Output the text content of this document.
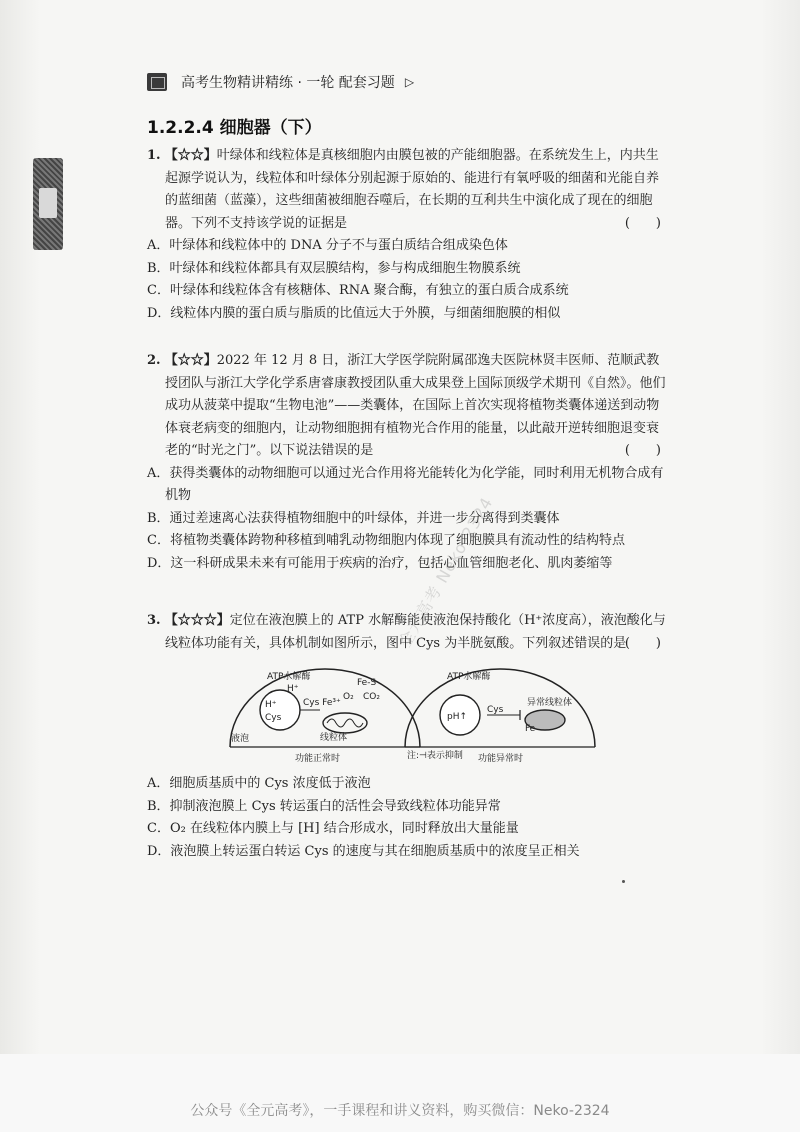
高考生物精讲精练 · 一轮 配套习题 ▷
1.2.2.4 细胞器（下）

1. 【☆☆】叶绿体和线粒体是真核细胞内由膜包被的产能细胞器。在系统发生上，内共生起源学说认为，线粒体和叶绿体分别起源于原始的、能进行有氧呼吸的细菌和光能自养的蓝细菌（蓝藻），这些细菌被细胞吞噬后，在长期的互利共生中演化成了现在的细胞器。下列不支持该学说的证据是	(　　)

A．叶绿体和线粒体中的 DNA 分子不与蛋白质结合组成染色体

B．叶绿体和线粒体都具有双层膜结构，参与构成细胞生物膜系统

C．叶绿体和线粒体含有核糖体、RNA 聚合酶，有独立的蛋白质合成系统

D．线粒体内膜的蛋白质与脂质的比值远大于外膜，与细菌细胞膜的相似

2. 【☆☆】2022 年 12 月 8 日，浙江大学医学院附属邵逸夫医院林贤丰医师、范顺武教授团队与浙江大学化学系唐睿康教授团队重大成果登上国际顶级学术期刊《自然》。他们成功从菠菜中提取“生物电池”——类囊体，在国际上首次实现将植物类囊体递送到动物体衰老病变的细胞内，让动物细胞拥有植物光合作用的能量，以此敲开逆转细胞退变衰老的“时光之门”。以下说法错误的是	(　　)

A．获得类囊体的动物细胞可以通过光合作用将光能转化为化学能，同时利用无机物合成有机物

B．通过差速离心法获得植物细胞中的叶绿体，并进一步分离得到类囊体

C．将植物类囊体跨物种移植到哺乳动物细胞内体现了细胞膜具有流动性的结构特点

D．这一科研成果未来有可能用于疾病的治疗，包括心血管细胞老化、肌肉萎缩等

3. 【☆☆☆】定位在液泡膜上的 ATP 水解酶能使液泡保持酸化（H⁺浓度高），液泡酸化与线粒体功能有关，具体机制如图所示，图中 Cys 为半胱氨酸。下列叙述错误的是
(　　)

A．细胞质基质中的 Cys 浓度低于液泡

B．抑制液泡膜上 Cys 转运蛋白的活性会导致线粒体功能异常

C．O₂ 在线粒体内膜上与 [H] 结合形成水，同时释放出大量能量

D．液泡膜上转运蛋白转运 Cys 的速度与其在细胞质基质中的浓度呈正相关

ATP水解酶
H⁺
H⁺
Cys
Cys Fe³⁺
Fe-S
O₂ CO₂
线粒体
液泡
功能正常时
ATP水解酶
pH↑
Cys
异常线粒体
Fe
注:⊣表示抑制 功能异常时
全元高考 Neko-2324
公众号《全元高考》，一手课程和讲义资料，购买微信：Neko-2324
